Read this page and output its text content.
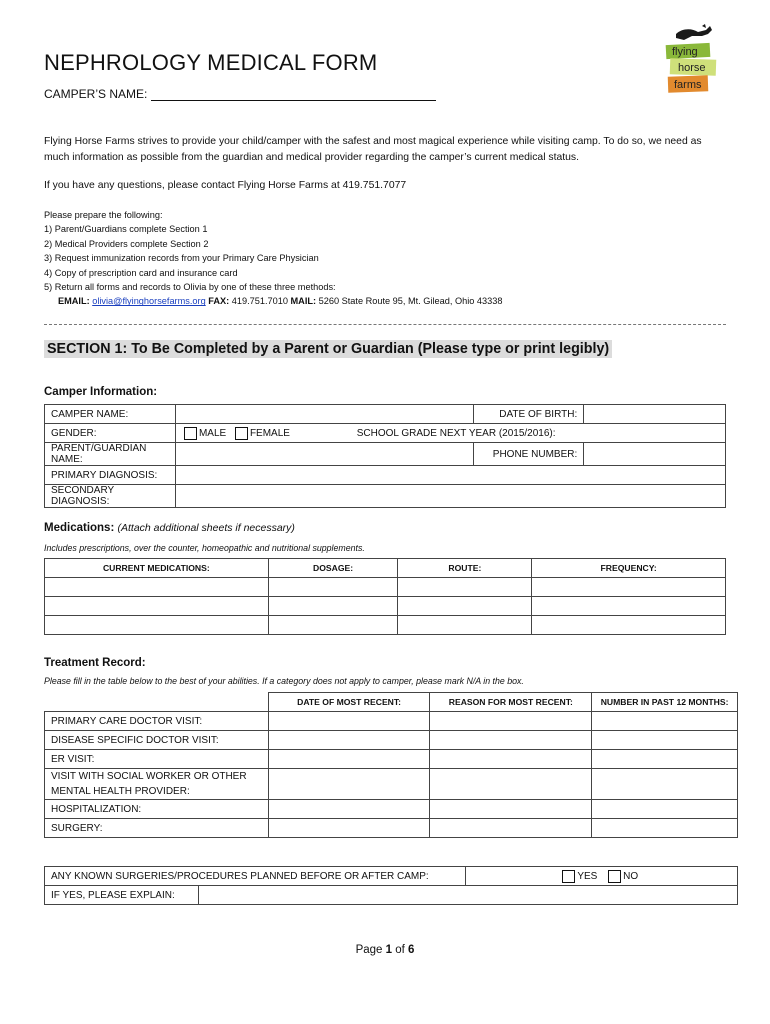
NEPHROLOGY MEDICAL FORM
CAMPER’S NAME:
flying
horse
farms
Flying Horse Farms strives to provide your child/camper with the safest and most magical experience while visiting camp. To do so, we need as much information as possible from the guardian and medical provider regarding the camper’s current medical status.
If you have any questions, please contact Flying Horse Farms at 419.751.7077
Please prepare the following:
1) Parent/Guardians complete Section 1
2) Medical Providers complete Section 2
3) Request immunization records from your Primary Care Physician
4) Copy of prescription card and insurance card
5) Return all forms and records to Olivia by one of these three methods:
EMAIL: olivia@flyinghorsefarms.org FAX: 419.751.7010 MAIL: 5260 State Route 95, Mt. Gilead, Ohio 43338
SECTION 1: To Be Completed by a Parent or Guardian (Please type or print legibly)
Camper Information:
CAMPER NAME:		DATE OF BIRTH:	
GENDER:	MALE FEMALE SCHOOL GRADE NEXT YEAR (2015/2016):		
PARENT/GUARDIAN NAME:		PHONE NUMBER:	
PRIMARY DIAGNOSIS:			
SECONDARY DIAGNOSIS:			
Medications: (Attach additional sheets if necessary)
Includes prescriptions, over the counter, homeopathic and nutritional supplements.
CURRENT MEDICATIONS:	DOSAGE:	ROUTE:	FREQUENCY:

Treatment Record:
Please fill in the table below to the best of your abilities. If a category does not apply to camper, please mark N/A in the box.
	DATE OF MOST RECENT:	REASON FOR MOST RECENT:	NUMBER IN PAST 12 MONTHS:
PRIMARY CARE DOCTOR VISIT:			
DISEASE SPECIFIC DOCTOR VISIT:			
ER VISIT:			

VISIT WITH SOCIAL WORKER OR OTHER
MENTAL HEALTH PROVIDER:			

HOSPITALIZATION:			
SURGERY:			
ANY KNOWN SURGERIES/PROCEDURES PLANNED BEFORE OR AFTER CAMP:		YES NO
IF YES, PLEASE EXPLAIN:		
Page 1 of 6
